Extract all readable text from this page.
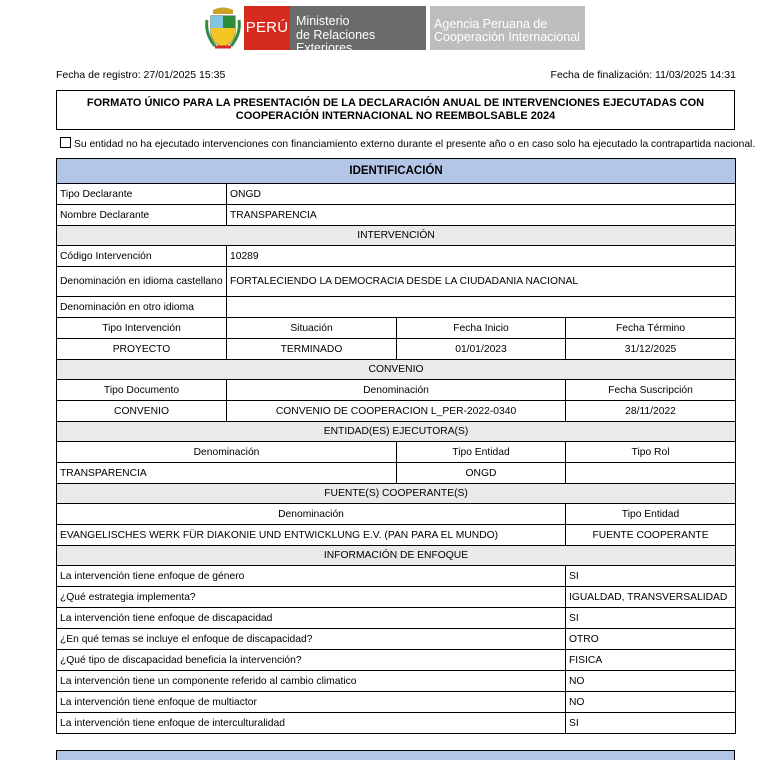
PERÚ Ministerio
de Relaciones Exteriores
Agencia Peruana de
Cooperación Internacional
Fecha de registro: 27/01/2025 15:35	Fecha de finalización: 11/03/2025 14:31
FORMATO ÚNICO PARA LA PRESENTACIÓN DE LA DECLARACIÓN ANUAL DE INTERVENCIONES EJECUTADAS CON
COOPERACIÓN INTERNACIONAL NO REEMBOLSABLE 2024
Su entidad no ha ejecutado intervenciones con financiamiento externo durante el presente año o en caso solo ha ejecutado la contrapartida nacional.
IDENTIFICACIÓN			
Tipo Declarante	ONGD		
Nombre Declarante	TRANSPARENCIA		
INTERVENCIÓN			
Código Intervención	10289		
Denominación en idioma castellano	FORTALECIENDO LA DEMOCRACIA DESDE LA CIUDADANIA NACIONAL		
Denominación en otro idioma			
Tipo Intervención	Situación	Fecha Inicio	Fecha Término
PROYECTO	TERMINADO	01/01/2023	31/12/2025
CONVENIO			
Tipo Documento	Denominación		Fecha Suscripción
CONVENIO	CONVENIO DE COOPERACION L_PER-2022-0340		28/11/2022
ENTIDAD(ES) EJECUTORA(S)			
Denominación		Tipo Entidad	Tipo Rol
TRANSPARENCIA		ONGD	
FUENTE(S) COOPERANTE(S)			
Denominación			Tipo Entidad
EVANGELISCHES WERK FÜR DIAKONIE UND ENTWICKLUNG E.V. (PAN PARA EL MUNDO)			FUENTE COOPERANTE
INFORMACIÓN DE ENFOQUE			
La intervención tiene enfoque de género			SI
¿Qué estrategia implementa?			IGUALDAD, TRANSVERSALIDAD
La intervención tiene enfoque de discapacidad			SI
¿En qué temas se incluye el enfoque de discapacidad?			OTRO
¿Qué tipo de discapacidad beneficia la intervención?			FISICA
La intervención tiene un componente referido al cambio climatico			NO
La intervención tiene enfoque de multiactor			NO
La intervención tiene enfoque de interculturalidad			SI
